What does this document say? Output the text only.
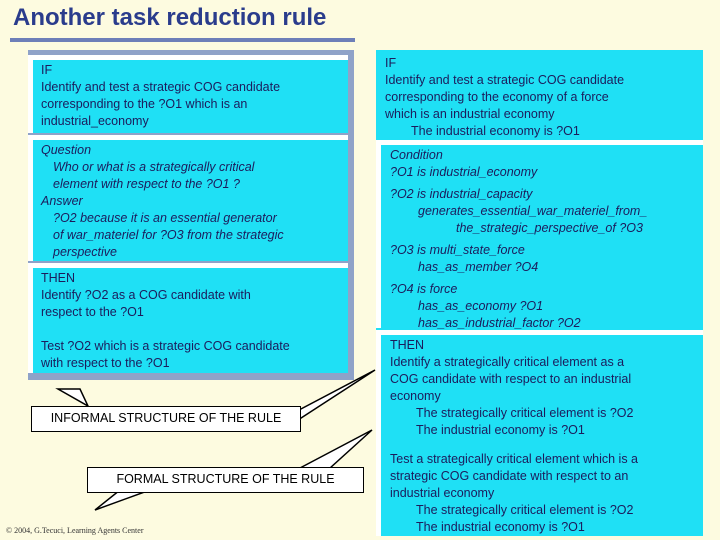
Another task reduction rule
IF
Identify and test a strategic COG candidate
corresponding to the ?O1 which is an
industrial_economy
Question
Who or what is a strategically critical
element with respect to the ?O1 ?
Answer
?O2 because it is an essential generator
of war_materiel for ?O3 from the strategic
perspective
THEN
Identify ?O2 as a COG candidate with
respect to the ?O1
Test ?O2 which is a strategic COG candidate
with respect to the ?O1
INFORMAL STRUCTURE OF THE RULE
FORMAL STRUCTURE OF THE RULE
IF
Identify and test a strategic COG candidate
corresponding to the economy of a force
which is an industrial economy
The industrial economy is ?O1
Condition
?O1 is industrial_economy
?O2 is industrial_capacity
generates_essential_war_materiel_from_
the_strategic_perspective_of ?O3
?O3 is multi_state_force
has_as_member ?O4
?O4 is force
has_as_economy ?O1
has_as_industrial_factor ?O2
THEN
Identify a strategically critical element as a
COG candidate with respect to an industrial
economy
The strategically critical element is ?O2
The industrial economy is ?O1
Test a strategically critical element which is a
strategic COG candidate with respect to an
industrial economy
The strategically critical element is ?O2
The industrial economy is ?O1
© 2004, G.Tecuci, Learning Agents Center
